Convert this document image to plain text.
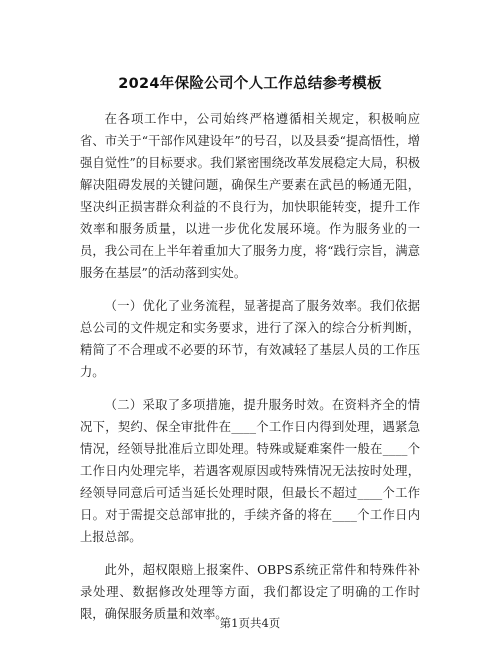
2024年保险公司个人工作总结参考模板

在各项工作中，公司始终严格遵循相关规定，积极响应省、市关于“干部作风建设年”的号召，以及县委“提高悟性，增强自觉性”的目标要求。我们紧密围绕改革发展稳定大局，积极解决阻碍发展的关键问题，确保生产要素在武邑的畅通无阻，坚决纠正损害群众利益的不良行为，加快职能转变，提升工作效率和服务质量，以进一步优化发展环境。作为服务业的一员，我公司在上半年着重加大了服务力度，将“践行宗旨，满意服务在基层”的活动落到实处。

（一）优化了业务流程，显著提高了服务效率。我们依据总公司的文件规定和实务要求，进行了深入的综合分析判断，精简了不合理或不必要的环节，有效减轻了基层人员的工作压力。

（二）采取了多项措施，提升服务时效。在资料齐全的情况下，契约、保全审批件在____个工作日内得到处理，遇紧急情况，经领导批准后立即处理。特殊或疑难案件一般在____个工作日内处理完毕，若遇客观原因或特殊情况无法按时处理，经领导同意后可适当延长处理时限，但最长不超过____个工作日。对于需提交总部审批的，手续齐备的将在____个工作日内上报总部。

此外，超权限赔上报案件、OBPS系统正常件和特殊件补录处理、数据修改处理等方面，我们都设定了明确的工作时限，确保服务质量和效率。

第1页共4页
